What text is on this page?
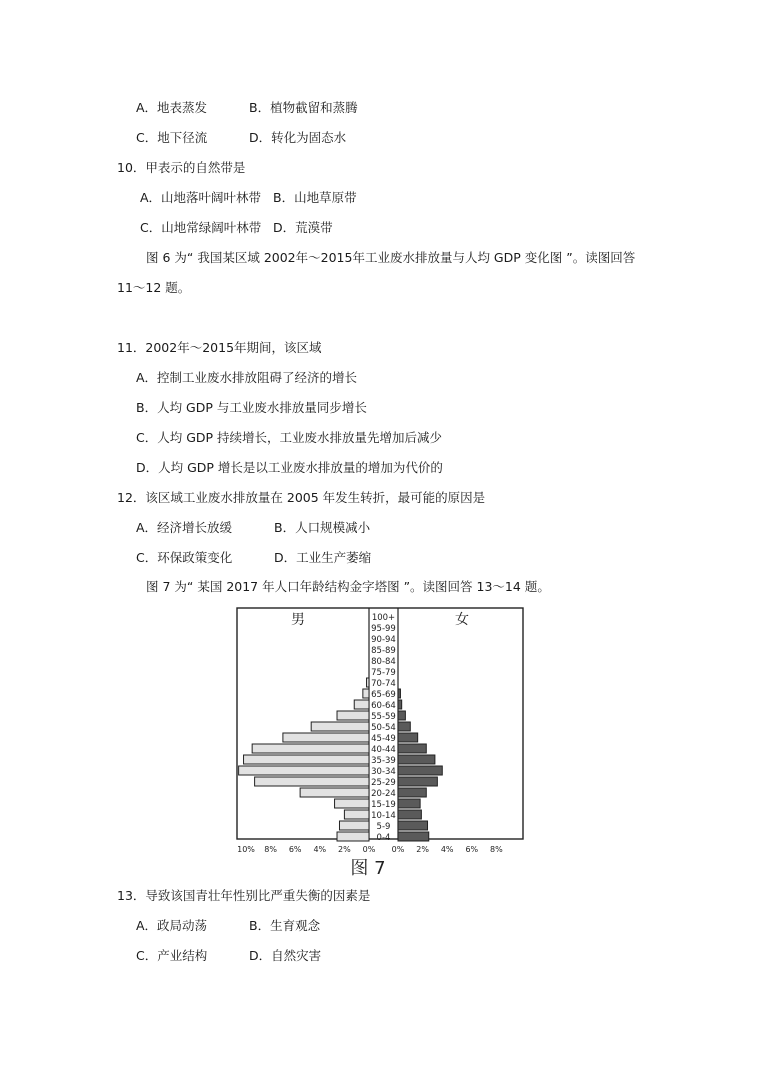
A．地表蒸发	B．植物截留和蒸腾
C．地下径流	D．转化为固态水
10．甲表示的自然带是
A．山地落叶阔叶林带 B．山地草原带
C．山地常绿阔叶林带 D．荒漠带
图 6 为“ 我国某区域 2002年～2015年工业废水排放量与人均 GDP 变化图 ”。读图回答
11～12 题。
11．2002年～2015年期间，该区域
A．控制工业废水排放阻碍了经济的增长
B．人均 GDP 与工业废水排放量同步增长
C．人均 GDP 持续增长，工业废水排放量先增加后减少
D．人均 GDP 增长是以工业废水排放量的增加为代价的
12．该区域工业废水排放量在 2005 年发生转折，最可能的原因是
A．经济增长放缓	B．人口规模减小
C．环保政策变化	D．工业生产萎缩
图 7 为“ 某国 2017 年人口年龄结构金字塔图 ”。读图回答 13～14 题。
100+
95-99
90-94
85-89
80-84
75-79
70-74
65-69
60-64
55-59
50-54
45-49
40-44
35-39
30-34
25-29
20-24
15-19
10-14
5-9
0-4
10% 8% 6% 4% 2% 0% 0% 2% 4% 6% 8%
男	女
图 7
13．导致该国青壮年性别比严重失衡的因素是
A．政局动荡	B．生育观念
C．产业结构	D．自然灾害
